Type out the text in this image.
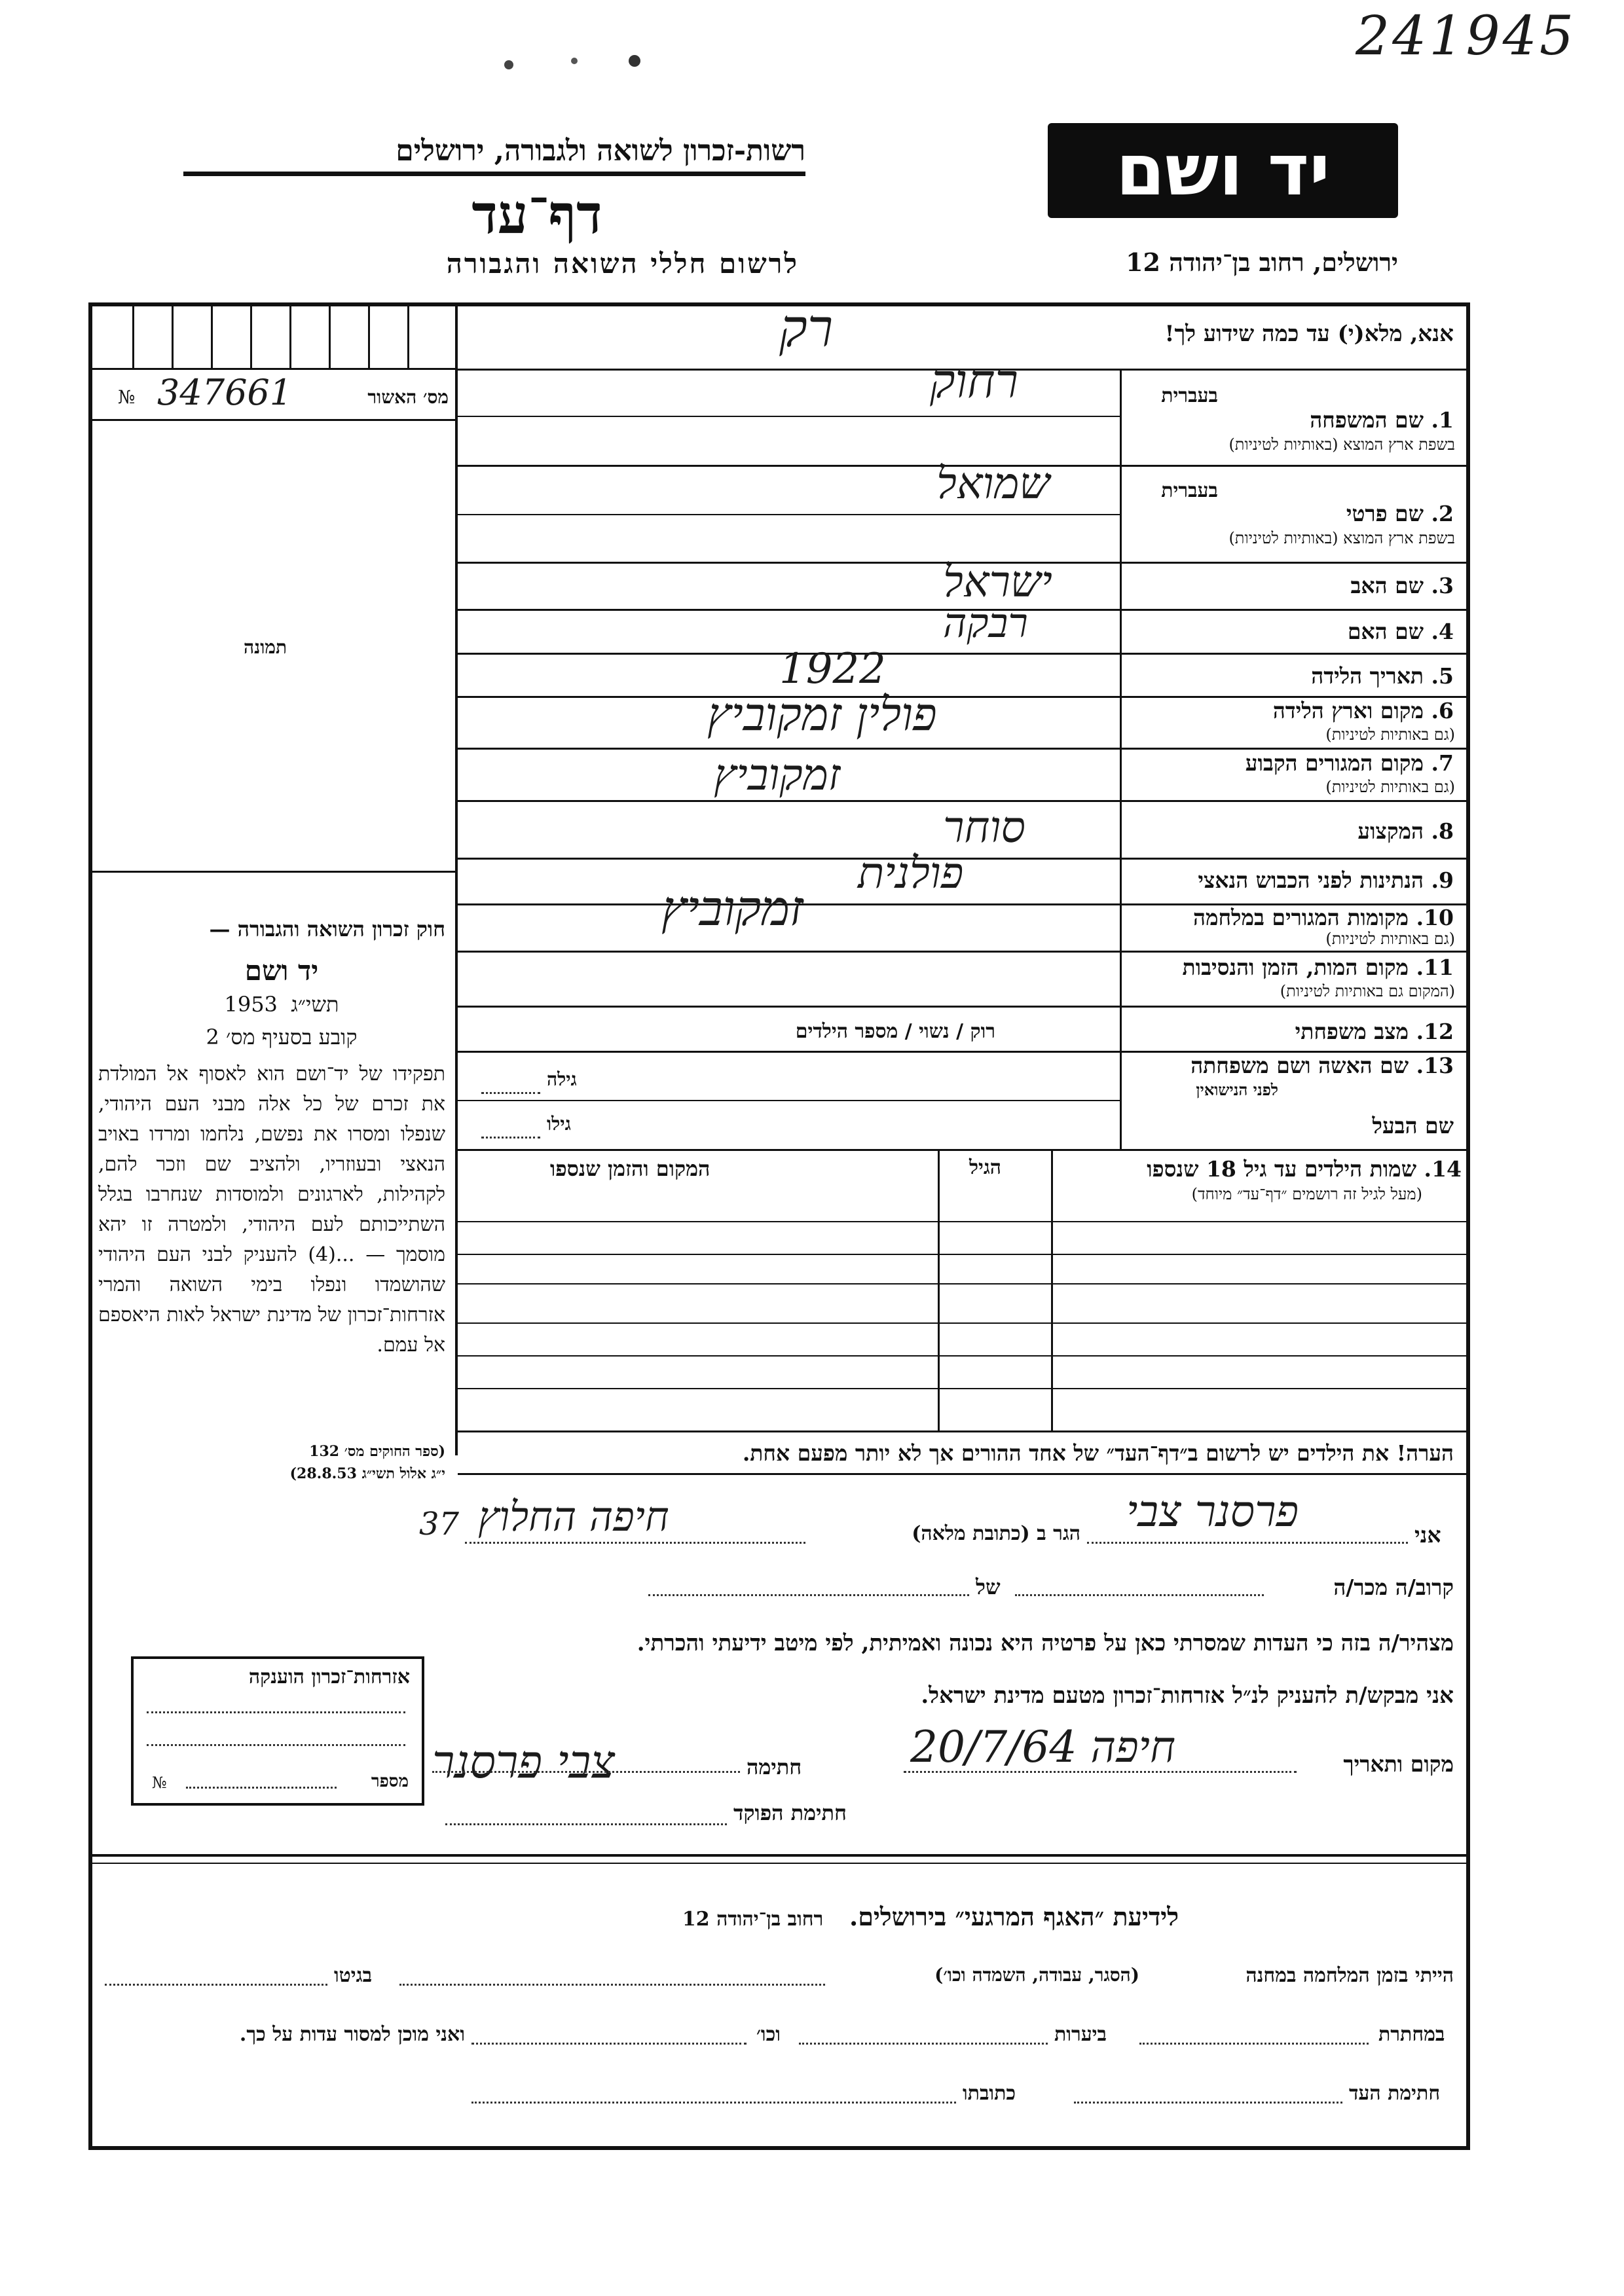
241945
רשות-זכרון לשואה ולגבורה, ירושלים
דף־עד
לרשום חללי השואה והגבורה
יד ושם
ירושלים, רחוב בן־יהודה 12
№ 347661	מס׳ האשור
תמונה
אנא, מלא(י) עד כמה שידוע לך!
רק
בעברית
1. שם המשפחה
בשפת ארץ המוצא (באותיות לטיניות)
רחוק
בעברית
2. שם פרטי
בשפת ארץ המוצא (באותיות לטיניות)
שמואל
3. שם האב
ישראל
4. שם האם
רבקה
5. תאריך הלידה
1922
6. מקום וארץ הלידה
(גם באותיות לטיניות)
פולין זמקוביץ
7. מקום המגורים הקבוע
(גם באותיות לטיניות)
זמקוביץ
8. המקצוע
סוחר
9. הנתינות לפני הכבוש הנאצי
פולנית
10. מקומות המגורים במלחמה
(גם באותיות לטיניות)
זמקוביץ
11. מקום המות, הזמן והנסיבות
(המקום גם באותיות לטיניות)
12. מצב משפחתי
רוק / נשוי / מספר הילדים
13. שם האשה ושם משפחתה
לפני הנישואין
גילה
שם הבעל
גילו
14. שמות הילדים עד גיל 18 שנספו
(מעל לגיל זה רושמים ״דף־עד״ מיוחד)
הגיל
המקום והזמן שנספו
הערה! את הילדים יש לרשום ב״דף־העד״ של אחד ההורים אך לא יותר מפעם אחת.
חוק זכרון השואה והגבורה —
יד ושם
תשי״ג  1953
קובע בסעיף מס׳ 2
תפקידו של יד־ושם הוא לאסוף אל המולדת את זכרם של כל אלה מבני העם היהודי, שנפלו ומסרו את נפשם, נלחמו ומרדו באויב הנאצי ובעוזריו, ולהציב שם וזכר להם, לקהילות, לארגונים ולמוסדות שנחרבו בגלל השתייכותם לעם היהודי, ולמטרה זו יהא מוסמך — ...(4) להעניק לבני העם היהודי שהושמדו ונפלו בימי השואה והמרי אזרחות־זכרון של מדינת ישראל לאות היאספם אל עמם.
(ספר החוקים מס׳ 132
י״ג אלול תשי״ג 28.8.53)
אני
פרסנר צבי
הגר ב (כתובת מלאה)
חיפה החלוץ
37
קרוב/ה מכר/ה
של
מצהיר/ה בזה כי העדות שמסרתי כאן על פרטיה היא נכונה ואמיתית, לפי מיטב ידיעתי והכרתי.
אני מבקש/ת להעניק לנ״ל אזרחות־זכרון מטעם מדינת ישראל.
מקום ותאריך
חיפה 20/7/64
חתימה
צבי פרסנר
חתימת הפוקד
אזרחות־זכרון הוענקה
№	מספר
לידיעת ״האגף המרגעי״ בירושלים.   רחוב בן־יהודה 12
הייתי בזמן המלחמה במחנה
(הסגר, עבודה, השמדה וכו׳)
בגיטו
במחתרת
ביערות
וכו׳
ואני מוכן למסור עדות על כך.
חתימת העד
כתובתו
